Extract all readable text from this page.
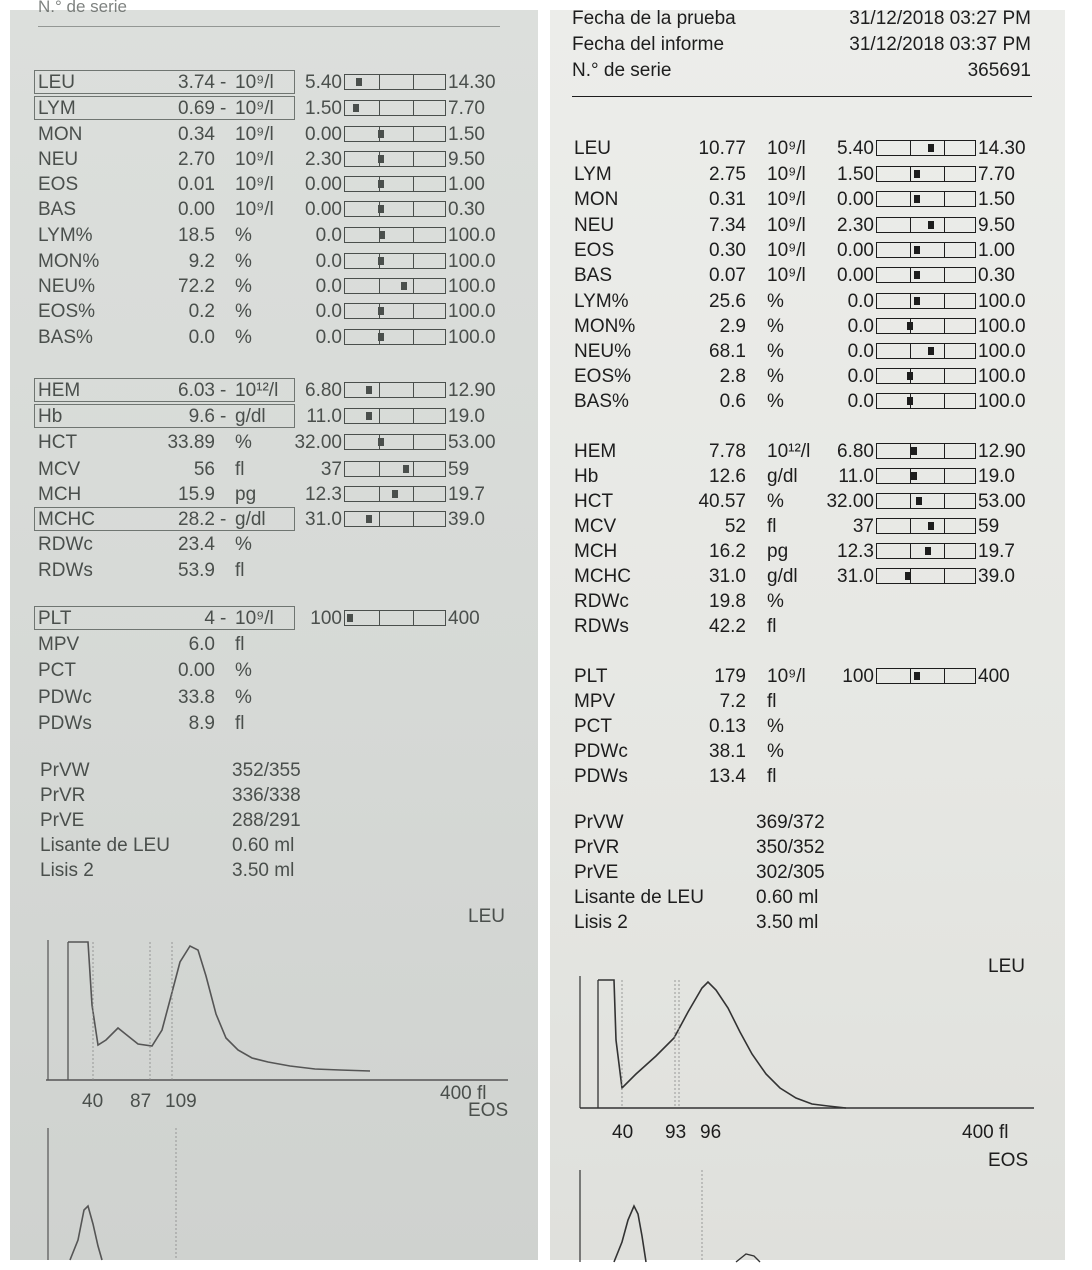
N.° de serie
LEU	3.74 - 10⁹/l	5.40	14.30
LYM	0.69 - 10⁹/l	1.50	7.70
MON	0.34 10⁹/l	0.00	1.50
NEU	2.70 10⁹/l	2.30	9.50
EOS	0.01 10⁹/l	0.00	1.00
BAS	0.00 10⁹/l	0.00	0.30
LYM%	18.5 %	0.0	100.0
MON%	9.2 %	0.0	100.0
NEU%	72.2 %	0.0	100.0
EOS%	0.2 %	0.0	100.0
BAS%	0.0 %	0.0	100.0
HEM	6.03 - 10¹²/l	6.80	12.90
Hb	9.6 - g/dl	11.0	19.0
HCT	33.89 %	32.00	53.00
MCV	56 fl	37	59
MCH	15.9 pg	12.3	19.7
MCHC	28.2 - g/dl	31.0	39.0
RDWc	23.4 %
RDWs	53.9 fl
PLT	4 - 10⁹/l	100	400
MPV	6.0 fl
PCT	0.00 %
PDWc	33.8 %
PDWs	8.9 fl
PrVW	352/355
PrVR	336/338
PrVE	288/291
Lisante de LEU	0.60 ml
Lisis 2	3.50 ml
LEU
40 87 109	400 fl
EOS
Fecha de la prueba	31/12/2018 03:27 PM
Fecha del informe	31/12/2018 03:37 PM
N.° de serie	365691
LEU	10.77 10⁹/l	5.40	14.30
LYM	2.75 10⁹/l	1.50	7.70
MON	0.31 10⁹/l	0.00	1.50
NEU	7.34 10⁹/l	2.30	9.50
EOS	0.30 10⁹/l	0.00	1.00
BAS	0.07 10⁹/l	0.00	0.30
LYM%	25.6 %	0.0	100.0
MON%	2.9 %	0.0	100.0
NEU%	68.1 %	0.0	100.0
EOS%	2.8 %	0.0	100.0
BAS%	0.6 %	0.0	100.0
HEM	7.78 10¹²/l	6.80	12.90
Hb	12.6 g/dl	11.0	19.0
HCT	40.57 %	32.00	53.00
MCV	52 fl	37	59
MCH	16.2 pg	12.3	19.7
MCHC	31.0 g/dl	31.0	39.0
RDWc	19.8 %
RDWs	42.2 fl
PLT	179 10⁹/l	100	400
MPV	7.2 fl
PCT	0.13 %
PDWc	38.1 %
PDWs	13.4 fl
PrVW	369/372
PrVR	350/352
PrVE	302/305
Lisante de LEU	0.60 ml
Lisis 2	3.50 ml
LEU
40 93 96	400 fl
EOS
